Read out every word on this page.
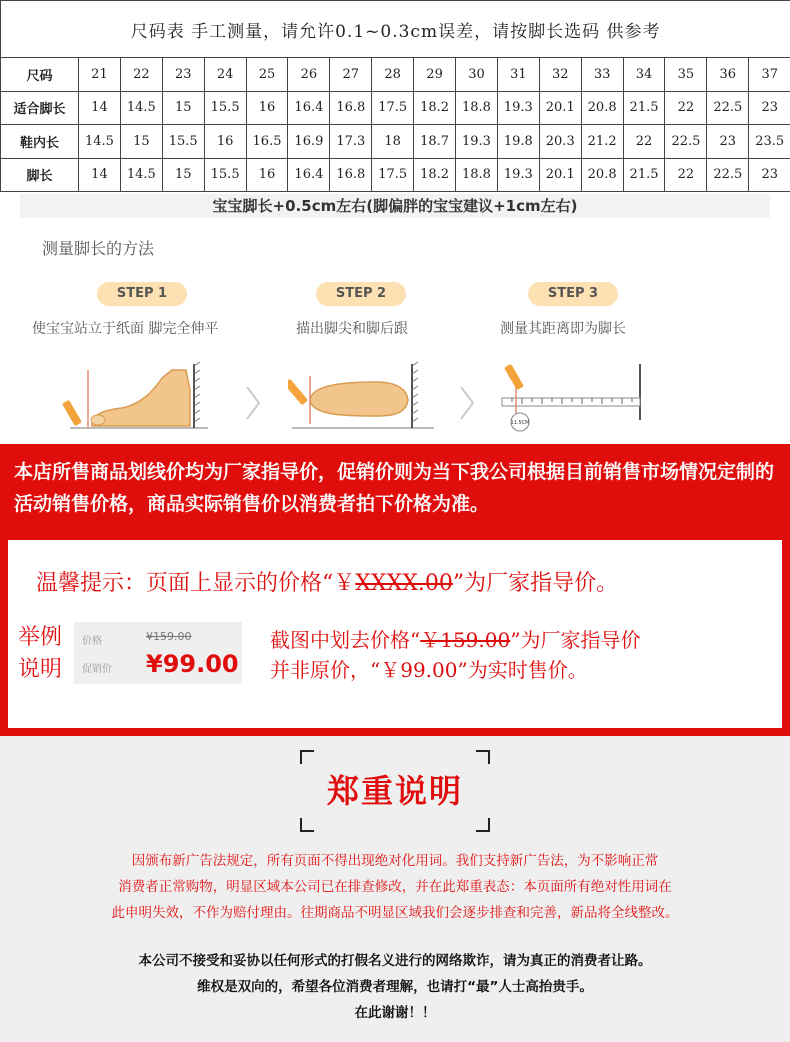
尺码表 手工测量，请允许0.1~0.3cm误差，请按脚长选码 供参考																	
尺码	21	22	23	24	25	26	27	28	29	30	31	32	33	34	35	36	37
适合脚长	14	14.5	15	15.5	16	16.4	16.8	17.5	18.2	18.8	19.3	20.1	20.8	21.5	22	22.5	23
鞋内长	14.5	15	15.5	16	16.5	16.9	17.3	18	18.7	19.3	19.8	20.3	21.2	22	22.5	23	23.5
脚长	14	14.5	15	15.5	16	16.4	16.8	17.5	18.2	18.8	19.3	20.1	20.8	21.5	22	22.5	23
宝宝脚长+0.5cm左右(脚偏胖的宝宝建议+1cm左右)
测量脚长的方法
STEP 1	STEP 2	STEP 3
使宝宝站立于纸面 脚完全伸平	描出脚尖和脚后跟	测量其距离即为脚长
11.5CM
本店所售商品划线价均为厂家指导价，促销价则为当下我公司根据目前销售市场情况定制的活动销售价格，商品实际销售价以消费者拍下价格为准。
温馨提示：页面上显示的价格“￥XXXX.00”为厂家指导价。
举例
说明
价格	¥159.00
促销价 ¥99.00
截图中划去价格“￥159.00”为厂家指导价
并非原价，“￥99.00”为实时售价。
郑重说明
因颁布新广告法规定，所有页面不得出现绝对化用词。我们支持新广告法，为不影响正常
消费者正常购物，明显区域本公司已在排查修改，并在此郑重表态：本页面所有绝对性用词在
此申明失效，不作为赔付理由。往期商品不明显区域我们会逐步排查和完善，新品将全线整改。
本公司不接受和妥协以任何形式的打假名义进行的网络欺诈，请为真正的消费者让路。
维权是双向的，希望各位消费者理解，也请打“最”人士高抬贵手。
在此谢谢！！
